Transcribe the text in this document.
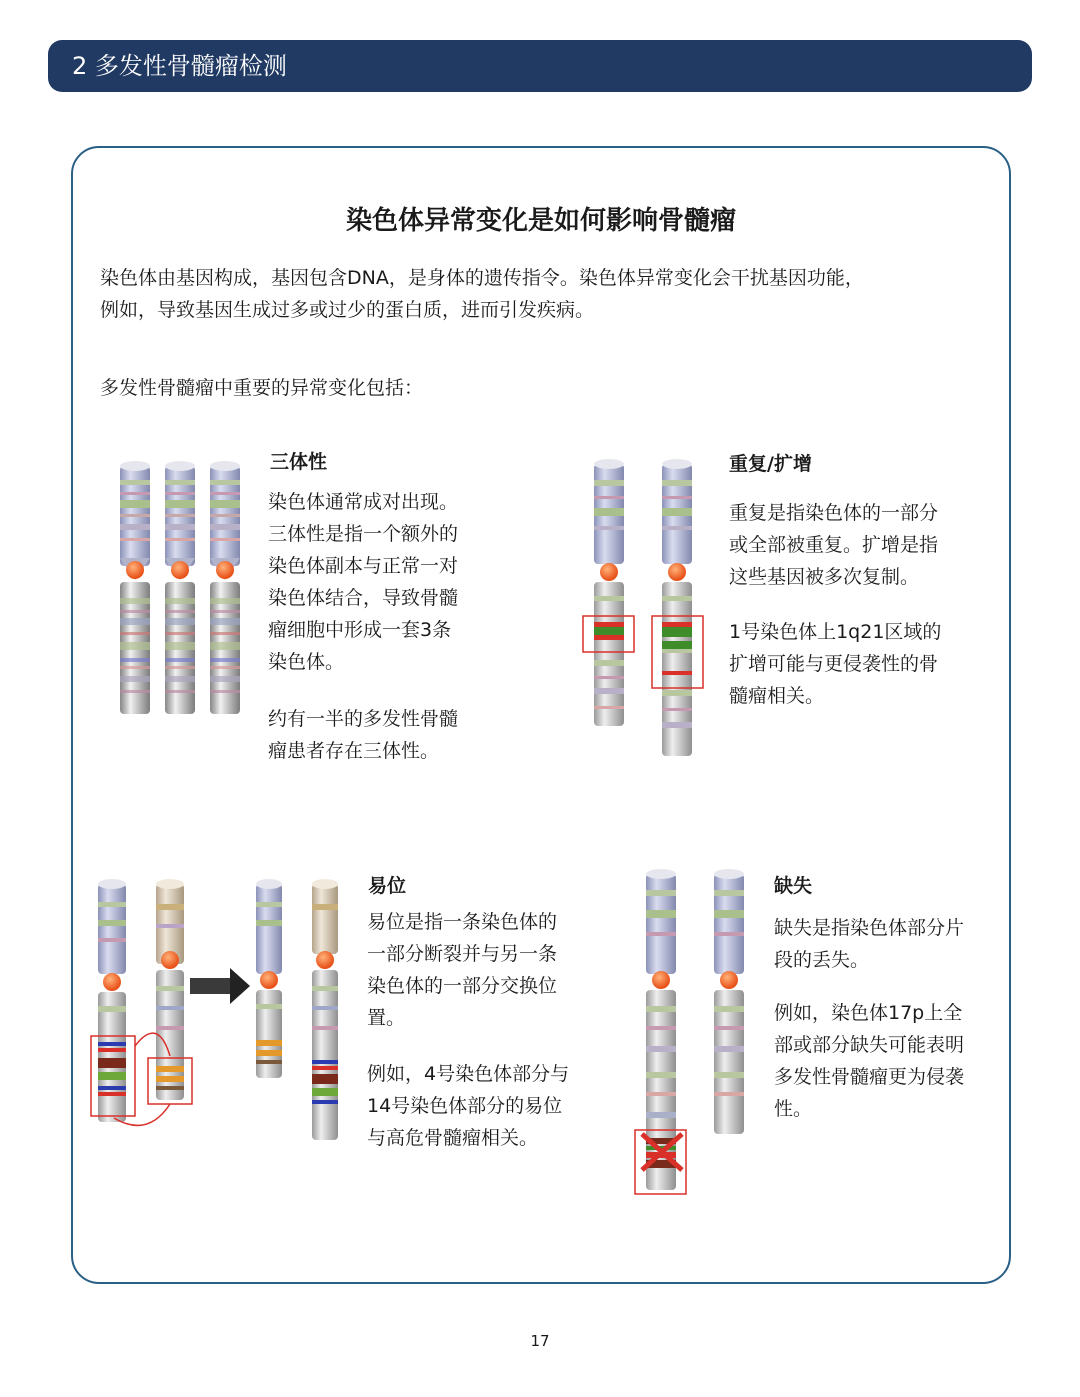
2 多发性骨髓瘤检测
染色体异常变化是如何影响骨髓瘤
染色体由基因构成，基因包含DNA，是身体的遗传指令。染色体异常变化会干扰基因功能，
例如，导致基因生成过多或过少的蛋白质，进而引发疾病。
多发性骨髓瘤中重要的异常变化包括：
三体性
染色体通常成对出现。
三体性是指一个额外的
染色体副本与正常一对
染色体结合，导致骨髓
瘤细胞中形成一套3条
染色体。
约有一半的多发性骨髓
瘤患者存在三体性。
重复/扩增
重复是指染色体的一部分
或全部被重复。扩增是指
这些基因被多次复制。
1号染色体上1q21区域的
扩增可能与更侵袭性的骨
髓瘤相关。
易位
易位是指一条染色体的
一部分断裂并与另一条
染色体的一部分交换位
置。
例如，4号染色体部分与
14号染色体部分的易位
与高危骨髓瘤相关。
缺失
缺失是指染色体部分片
段的丢失。
例如，染色体17p上全
部或部分缺失可能表明
多发性骨髓瘤更为侵袭
性。
17
